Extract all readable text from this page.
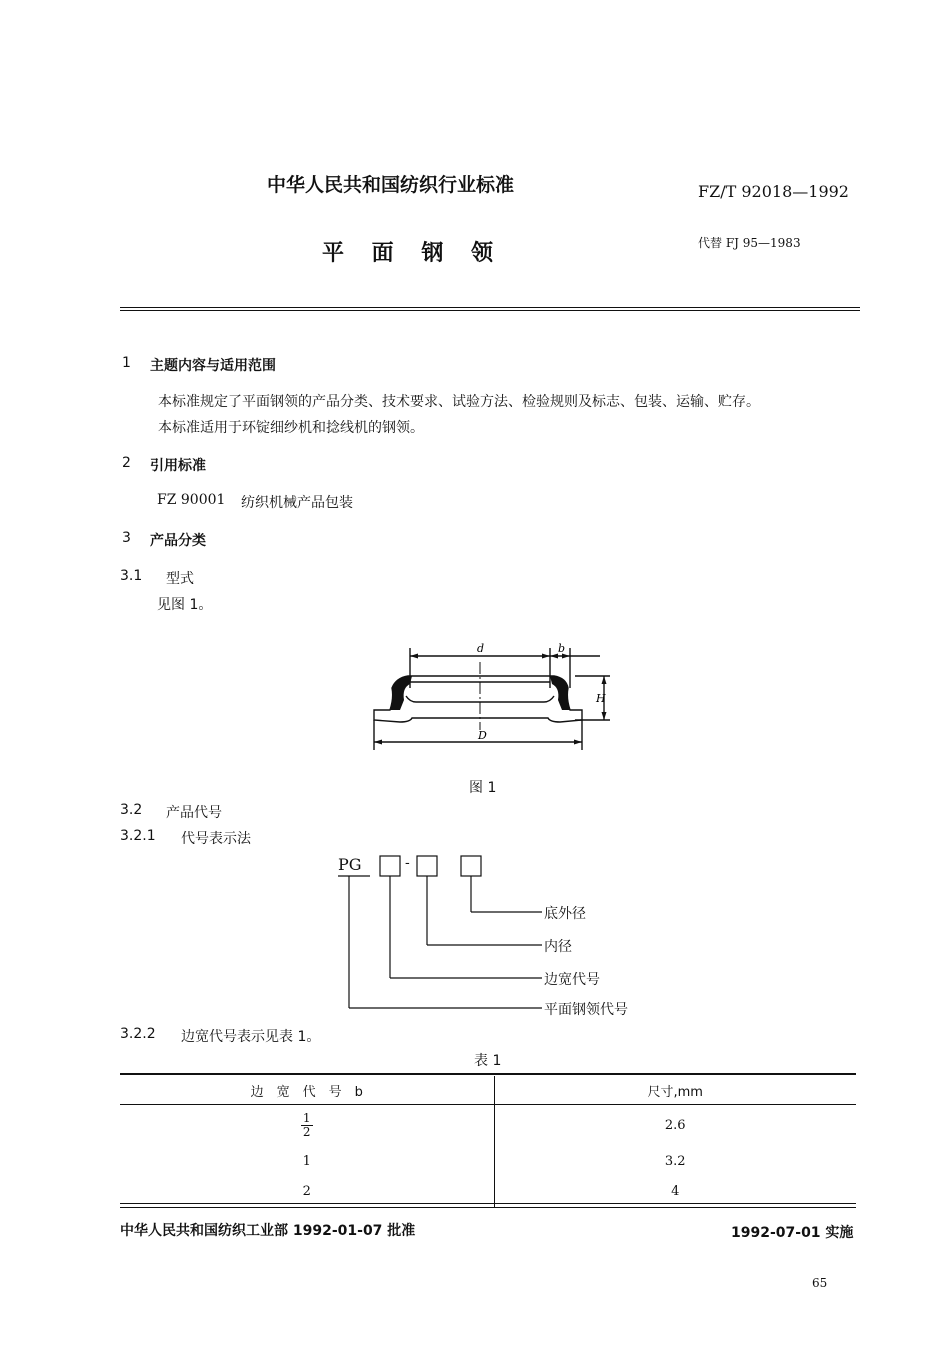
中华人民共和国纺织行业标准	FZ/T 92018—1992
平 面 钢 领	代替 FJ 95—1983
1 主题内容与适用范围
本标准规定了平面钢领的产品分类、技术要求、试验方法、检验规则及标志、包装、运输、贮存。
本标准适用于环锭细纱机和捻线机的钢领。
2 引用标准
FZ 90001 纺织机械产品包装
3 产品分类
3.1 型式
见图 1。
d	b
H
D
图 1
3.2 产品代号
3.2.1 代号表示法
PG	-
底外径
内径
边宽代号
平面钢领代号
3.2.2 边宽代号表示见表 1。
表 1
边　宽　代　号　b	尺寸,mm

$\frac{1}{2}$	2.6
1	3.2
2	4
中华人民共和国纺织工业部 1992-01-07 批准	1992-07-01 实施
65
